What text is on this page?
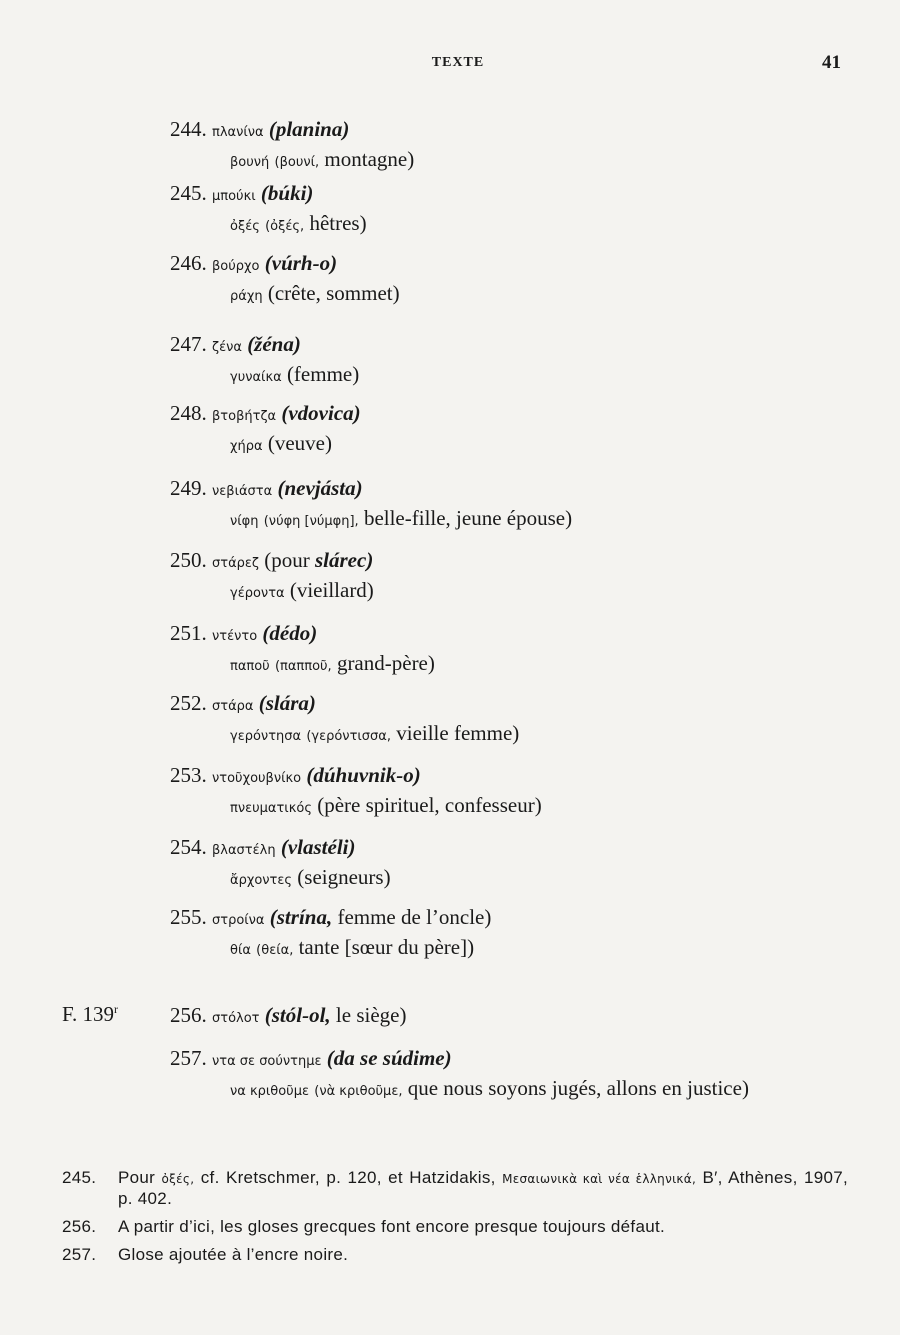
TEXTE	41
244. πλανίνα (planina)
βουνή (βουνί, montagne)
245. μπούκι (búki)
ὀξές (ὀξές, hêtres)
246. βούρχο (vúrh-o)
ράχη (crête, sommet)
247. ζένα (žéna)
γυναίκα (femme)
248. βτοβήτζα (vdovica)
χήρα (veuve)
249. νεβιάστα (nevjásta)
νίφη (νύφη [νύμφη], belle-fille, jeune épouse)
250. στάρεζ (pour slárec)
γέροντα (vieillard)
251. ντέντο (dédo)
παποῦ (παπποῦ, grand-père)
252. στάρα (slára)
γερόντησα (γερόντισσα, vieille femme)
253. ντοῦχουβνίκο (dúhuvnik-o)
πνευματικός (père spirituel, confesseur)
254. βλαστέλη (vlastéli)
ἄρχοντες (seigneurs)
255. στροίνα (strína, femme de l’oncle)
θία (θεία, tante [sœur du père])
256. στόλοτ (stól-ol, le siège)
257. ντα σε σούντημε (da se súdime)
να κριθοῦμε (νὰ κριθοῦμε, que nous soyons jugés, allons en justice)
F. 139$^r$
245.	Pour ὀξές, cf. Kretschmer, p. 120, et Hatzidakis, Μεσαιωνικὰ καὶ νέα ἑλληνικά, B′, Athènes, 1907, p. 402.
256.	A partir d’ici, les gloses grecques font encore presque toujours défaut.
257.	Glose ajoutée à l’encre noire.
